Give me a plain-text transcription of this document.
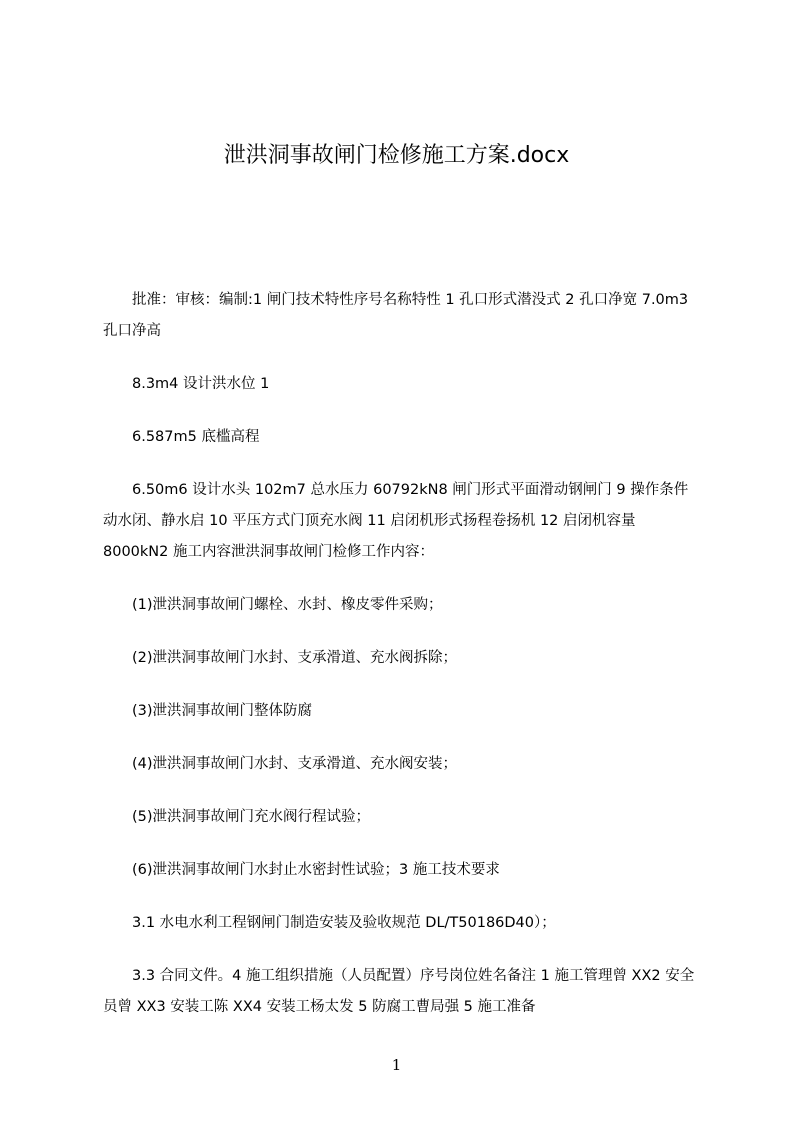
泄洪洞事故闸门检修施工方案.docx

批准：审核：编制:1 闸门技术特性序号名称特性 1 孔口形式潜没式 2 孔口净宽 7.0m3 孔口净高

8.3m4 设计洪水位 1

6.587m5 底槛高程

6.50m6 设计水头 102m7 总水压力 60792kN8 闸门形式平面滑动钢闸门 9 操作条件动水闭、静水启 10 平压方式门顶充水阀 11 启闭机形式扬程卷扬机 12 启闭机容量 8000kN2 施工内容泄洪洞事故闸门检修工作内容：

(1)泄洪洞事故闸门螺栓、水封、橡皮零件采购；

(2)泄洪洞事故闸门水封、支承滑道、充水阀拆除；

(3)泄洪洞事故闸门整体防腐

(4)泄洪洞事故闸门水封、支承滑道、充水阀安装；

(5)泄洪洞事故闸门充水阀行程试验；

(6)泄洪洞事故闸门水封止水密封性试验；3 施工技术要求

3.1 水电水利工程钢闸门制造安装及验收规范 DL/T50186D40）；

3.3 合同文件。4 施工组织措施（人员配置）序号岗位姓名备注 1 施工管理曾 XX2 安全员曾 XX3 安装工陈 XX4 安装工杨太发 5 防腐工曹局强 5 施工准备

1
